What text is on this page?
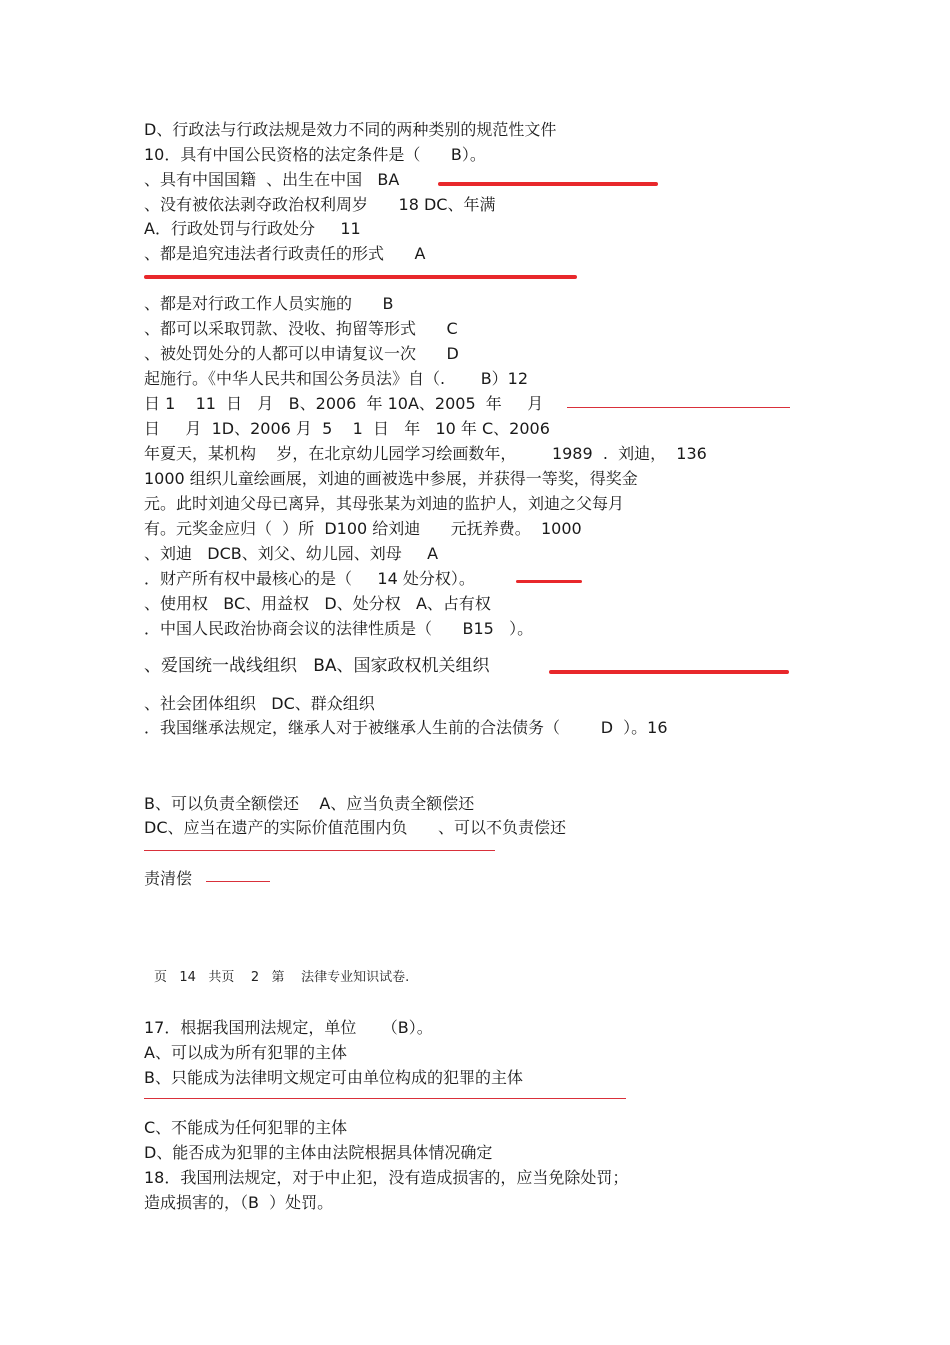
D、行政法与行政法规是效力不同的两种类别的规范性文件
10．具有中国公民资格的法定条件是（      B）。
、具有中国国籍  、出生在中国   BA
、没有被依法剥夺政治权利周岁      18 DC、年满
A．行政处罚与行政处分     11
、都是追究违法者行政责任的形式      A
、都是对行政工作人员实施的      B
、都可以采取罚款、没收、拘留等形式      C
、被处罚处分的人都可以申请复议一次      D
起施行。《中华人民共和国公务员法》自（.       B）12
日 1    11  日   月   B、2006  年 10A、2005  年     月
日     月  1D、2006 月  5    1  日   年   10 年 C、2006
年夏天，某机构    岁，在北京幼儿园学习绘画数年，       1989  .  刘迪，  136
1000 组织儿童绘画展，刘迪的画被选中参展，并获得一等奖，得奖金
元。此时刘迪父母已离异，其母张某为刘迪的监护人，刘迪之父每月
有。元奖金应归（  ）所  D100 给刘迪      元抚养费。  1000
、刘迪   DCB、刘父、幼儿园、刘母     A
．财产所有权中最核心的是（     14 处分权）。
、使用权   BC、用益权   D、处分权   A、占有权
．中国人民政治协商会议的法律性质是（      B15   ）。
、爱国统一战线组织   BA、国家政权机关组织
、社会团体组织   DC、群众组织
．我国继承法规定，继承人对于被继承人生前的合法债务（        D  ）。16
B、可以负责全额偿还    A、应当负责全额偿还
DC、应当在遗产的实际价值范围内负      、可以不负责偿还
责清偿
页   14   共页    2   第    法律专业知识试卷.
17．根据我国刑法规定，单位     （B）。
A、可以成为所有犯罪的主体
B、只能成为法律明文规定可由单位构成的犯罪的主体
C、不能成为任何犯罪的主体
D、能否成为犯罪的主体由法院根据具体情况确定
18．我国刑法规定，对于中止犯，没有造成损害的，应当免除处罚；
造成损害的，（B  ）处罚。
